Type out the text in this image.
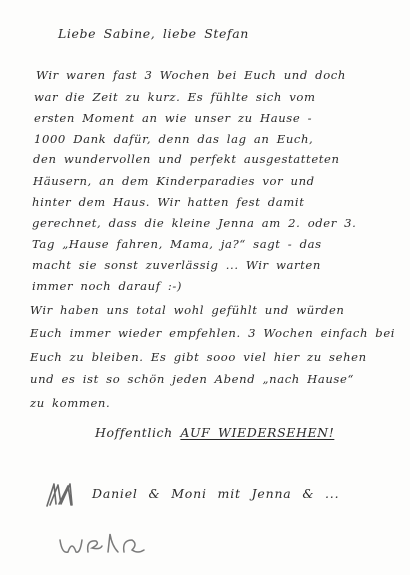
Liebe Sabine, liebe Stefan
Wir waren fast 3 Wochen bei Euch und doch
war die Zeit zu kurz. Es fühlte sich vom
ersten Moment an wie unser zu Hause -
1000 Dank dafür, denn das lag an Euch,
den wundervollen und perfekt ausgestatteten
Häusern, an dem Kinderparadies vor und
hinter dem Haus. Wir hatten fest damit
gerechnet, dass die kleine Jenna am 2. oder 3.
Tag „Hause fahren, Mama, ja?“ sagt - das
macht sie sonst zuverlässig ... Wir warten
immer noch darauf :-)
Wir haben uns total wohl gefühlt und würden
Euch immer wieder empfehlen. 3 Wochen einfach bei
Euch zu bleiben. Es gibt sooo viel hier zu sehen
und es ist so schön jeden Abend „nach Hause“
zu kommen.
Hoffentlich AUF WIEDERSEHEN!
Daniel & Moni mit Jenna & ...
